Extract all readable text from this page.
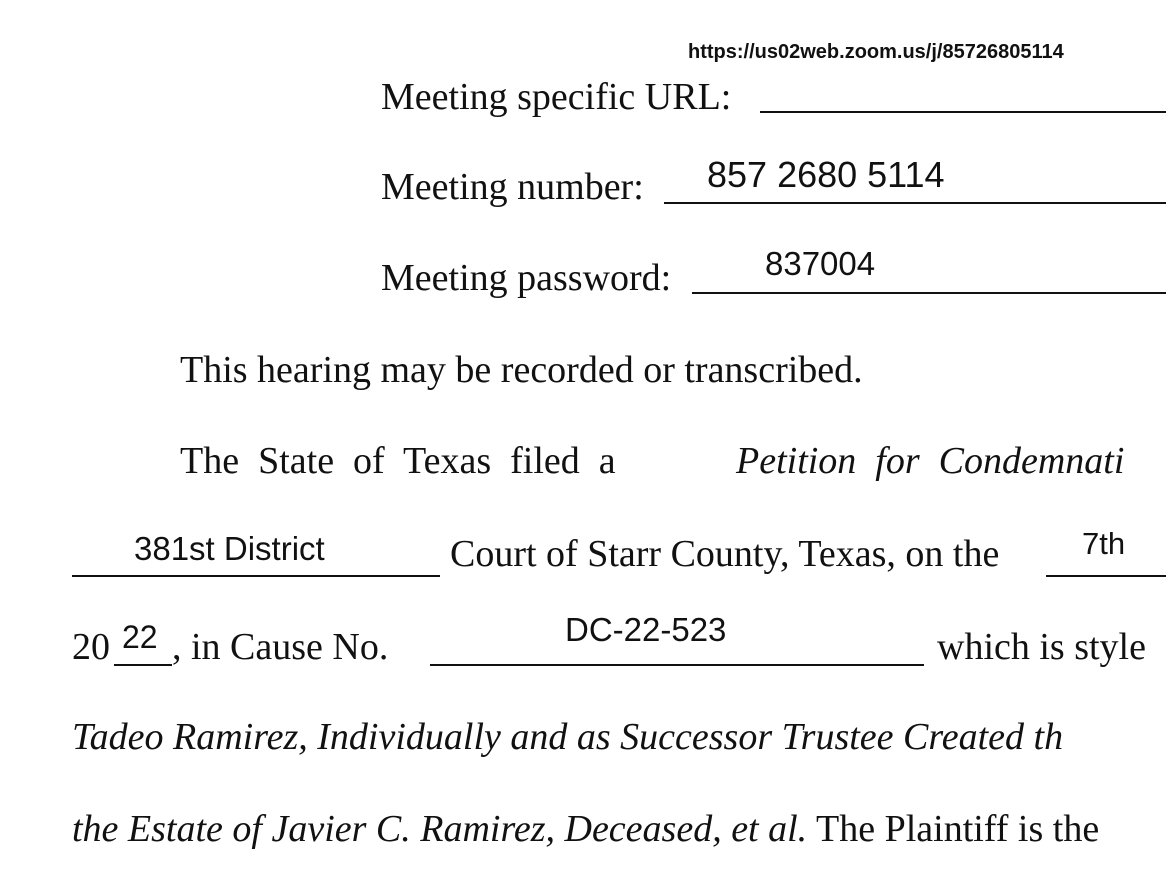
https://us02web.zoom.us/j/85726805114
Meeting specific URL:
Meeting number: 857 2680 5114
Meeting password:	837004
This hearing may be recorded or transcribed.
The  State  of  Texas  filed  a	Petition  for  Condemnati
381st District	Court of Starr County, Texas, on the	7th
20 22 , in Cause No.	DC-22-523	which is style
Tadeo Ramirez, Individually and as Successor Trustee Created th
the Estate of Javier C. Ramirez, Deceased, et al. The Plaintiff is the
